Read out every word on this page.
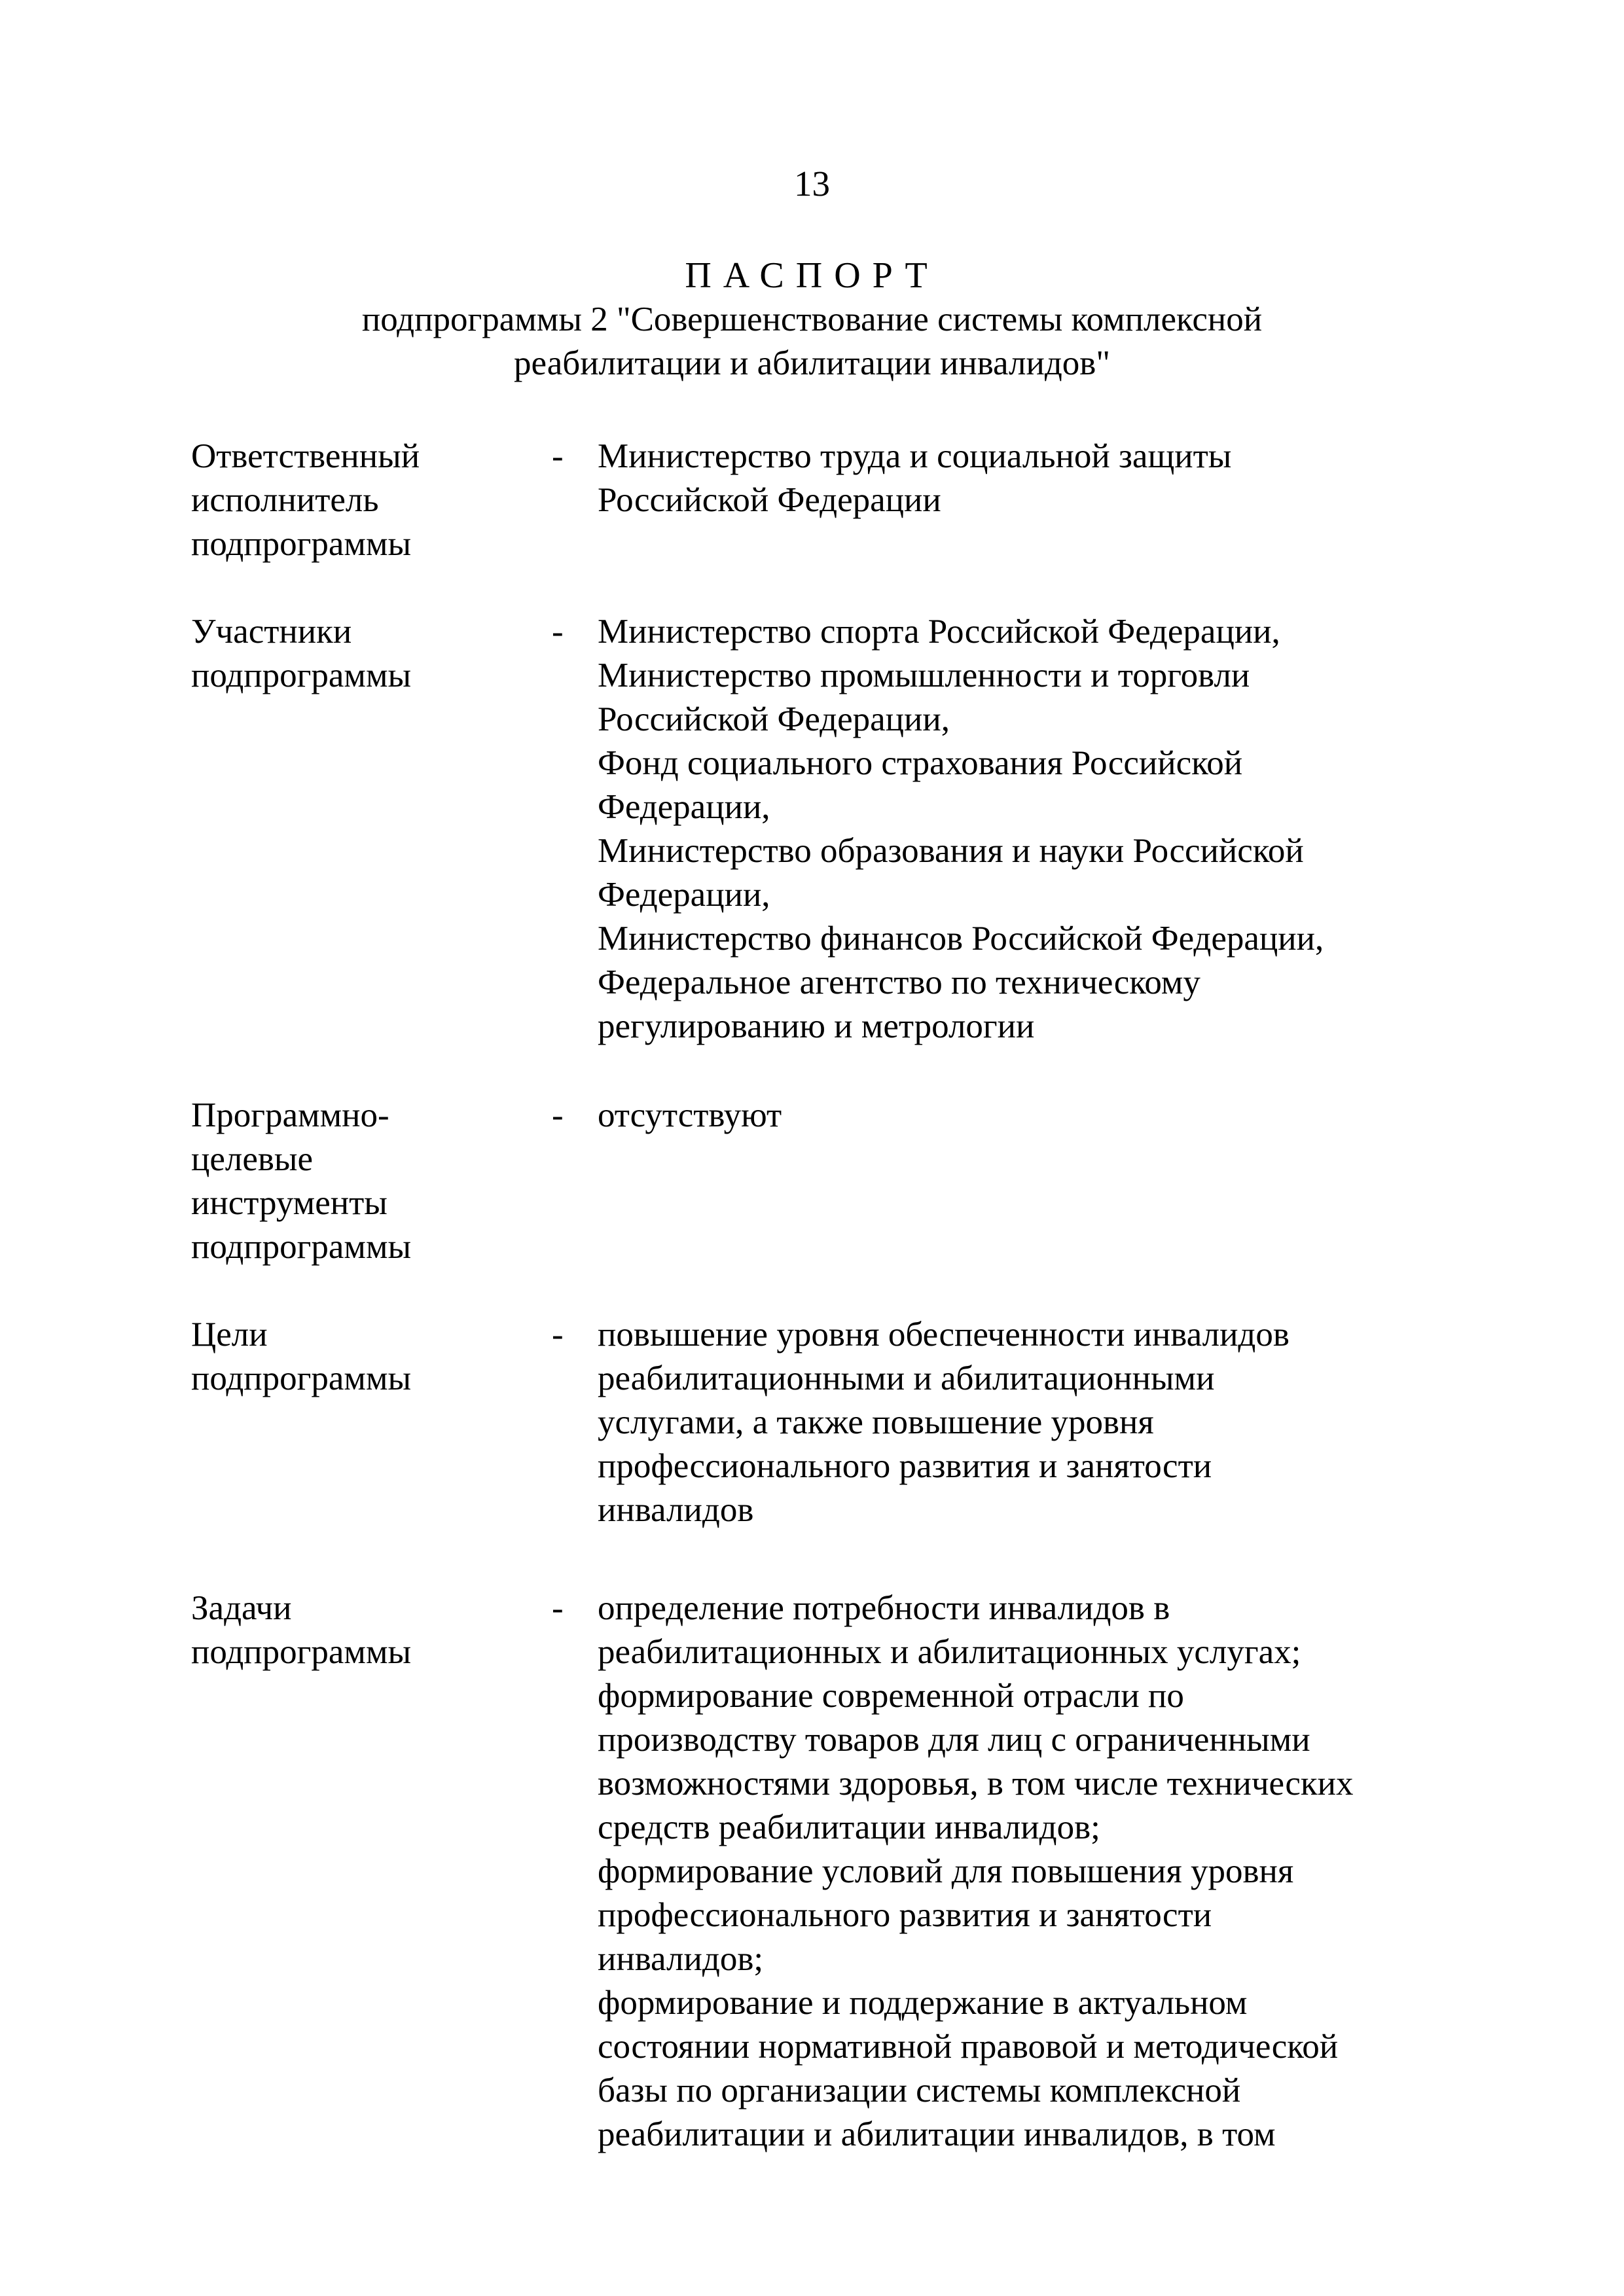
13
ПАСПОРТ
подпрограммы 2 "Совершенствование системы комплексной
реабилитации и абилитации инвалидов"
Ответственный
исполнитель
подпрограммы
- Министерство труда и социальной защиты
Российской Федерации
Участники
подпрограммы
- Министерство спорта Российской Федерации,
Министерство промышленности и торговли
Российской Федерации,
Фонд социального страхования Российской
Федерации,
Министерство образования и науки Российской
Федерации,
Министерство финансов Российской Федерации,
Федеральное агентство по техническому
регулированию и метрологии
Программно-
целевые
инструменты
подпрограммы
- отсутствуют
Цели
подпрограммы
- повышение уровня обеспеченности инвалидов
реабилитационными и абилитационными
услугами, а также повышение уровня
профессионального развития и занятости
инвалидов
Задачи
подпрограммы
- определение потребности инвалидов в
реабилитационных и абилитационных услугах;
формирование современной отрасли по
производству товаров для лиц с ограниченными
возможностями здоровья, в том числе технических
средств реабилитации инвалидов;
формирование условий для повышения уровня
профессионального развития и занятости
инвалидов;
формирование и поддержание в актуальном
состоянии нормативной правовой и методической
базы по организации системы комплексной
реабилитации и абилитации инвалидов, в том
